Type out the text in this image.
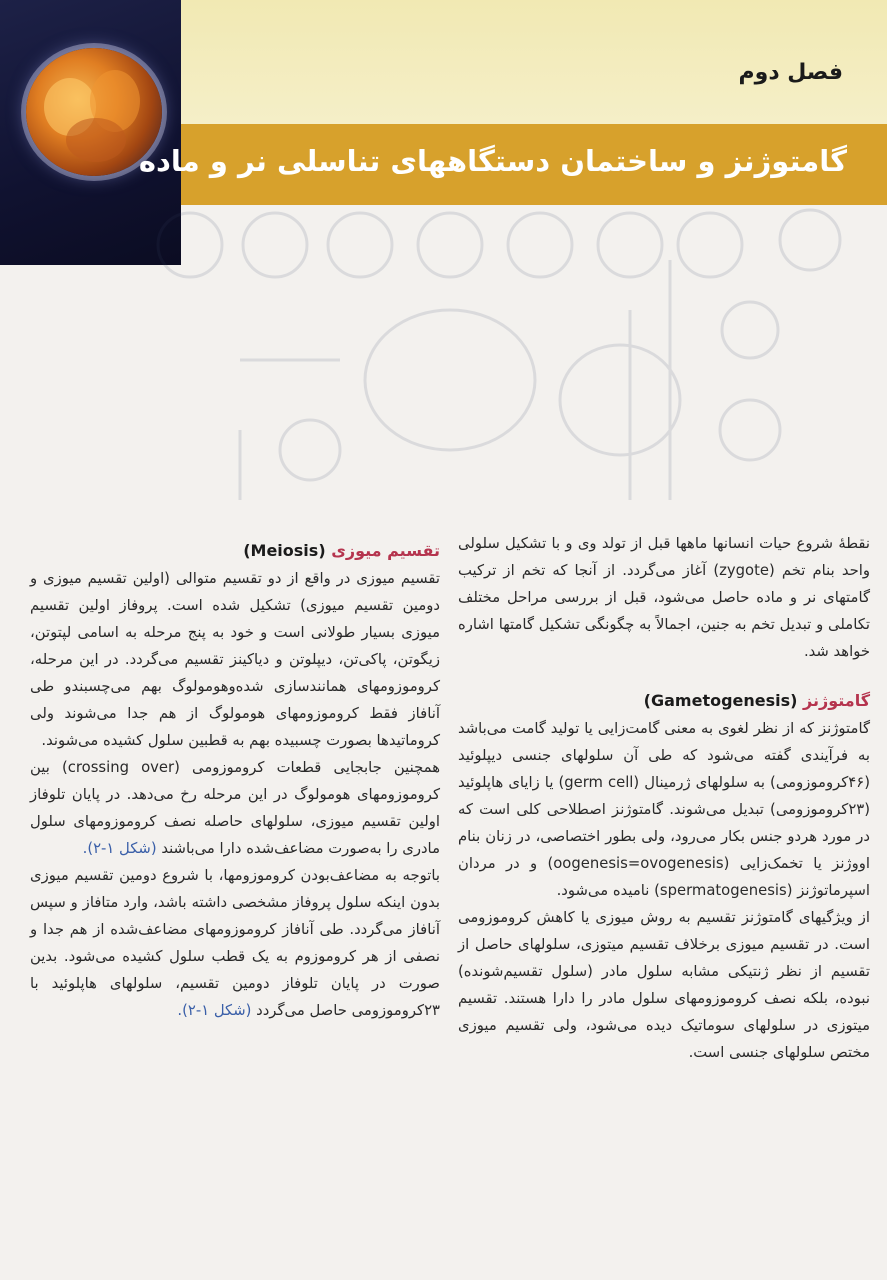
فصل دوم
گامتوژنز و ساختمان دستگاههای تناسلی نر و ماده

نقطهٔ شروع حیات انسانها ماهها قبل از تولد وی و با تشکیل سلولی واحد بنام تخم (zygote) آغاز می‌گردد. از آنجا که تخم از ترکیب گامتهای نر و ماده حاصل می‌شود، قبل از بررسی مراحل مختلف تکاملی و تبدیل تخم به جنین، اجمالاً به چگونگی تشکیل گامتها اشاره خواهد شد.

گامتوژنز (Gametogenesis)

گامتوژنز که از نظر لغوی به معنی گامت‌زایی یا تولید گامت می‌باشد به فرآیندی گفته می‌شود که طی آن سلولهای جنسی دیپلوئید (۴۶کروموزومی) به سلولهای ژرمینال (germ cell) یا زایای هاپلوئید (۲۳کروموزومی) تبدیل می‌شوند. گامتوژنز اصطلاحی کلی است که در مورد هردو جنس بکار می‌رود، ولی بطور اختصاصی، در زنان بنام اووژنز یا تخمک‌زایی (oogenesis=ovogenesis) و در مردان اسپرماتوژنز (spermatogenesis) نامیده می‌شود.

از ویژگیهای گامتوژنز تقسیم به روش میوزی یا کاهش کروموزومی است. در تقسیم میوزی برخلاف تقسیم میتوزی، سلولهای حاصل از تقسیم از نظر ژنتیکی مشابه سلول مادر (سلول تقسیم‌شونده) نبوده، بلکه نصف کروموزومهای سلول مادر را دارا هستند. تقسیم میتوزی در سلولهای سوماتیک دیده می‌شود، ولی تقسیم میوزی مختص سلولهای جنسی است.

تقسیم میوزی (Meiosis)

تقسیم میوزی در واقع از دو تقسیم متوالی (اولین تقسیم میوزی و دومین تقسیم میوزی) تشکیل شده است. پروفاز اولین تقسیم میوزی بسیار طولانی است و خود به پنج مرحله به اسامی لپتوتن، زیگوتن، پاکی‌تن، دیپلوتن و دیاکینز تقسیم می‌گردد. در این مرحله، کروموزومهای همانندسازی شده‌وهومولوگ بهم می‌چسبندو طی آنافاز فقط کروموزومهای هومولوگ از هم جدا می‌شوند ولی کروماتیدها بصورت چسبیده بهم به قطبین سلول کشیده می‌شوند.

همچنین جابجایی قطعات کروموزومی (crossing over) بین کروموزومهای هومولوگ در این مرحله رخ می‌دهد. در پایان تلوفاز اولین تقسیم میوزی، سلولهای حاصله نصف کروموزومهای سلول مادری را به‌صورت مضاعف‌شده دارا می‌باشند (شکل ۱-۲).

باتوجه به مضاعف‌بودن کروموزومها، با شروع دومین تقسیم میوزی بدون اینکه سلول پروفاز مشخصی داشته باشد، وارد متافاز و سپس آنافاز می‌گردد. طی آنافاز کروموزومهای مضاعف‌شده از هم جدا و نصفی از هر کروموزوم به یک قطب سلول کشیده می‌شود. بدین صورت در پایان تلوفاز دومین تقسیم، سلولهای هاپلوئید با ۲۳کروموزومی حاصل می‌گردد (شکل ۱-۲).
